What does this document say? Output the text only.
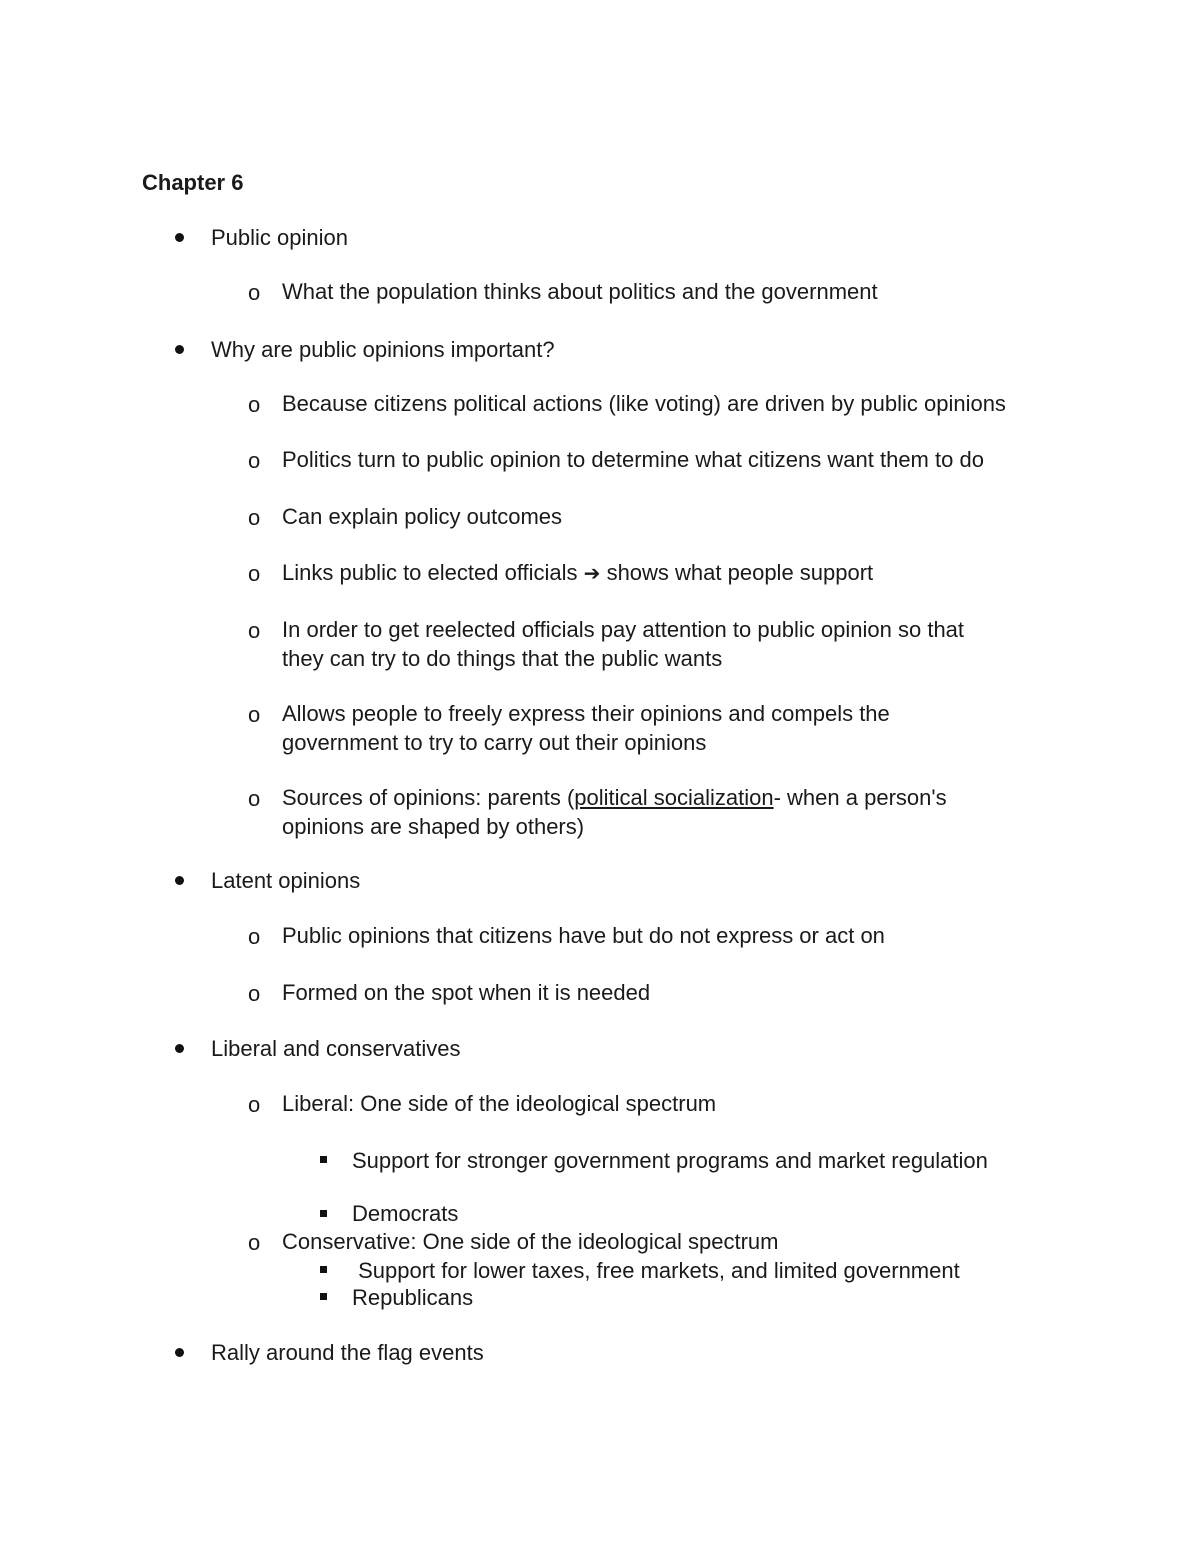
Chapter 6
Public opinion
o What the population thinks about politics and the government
Why are public opinions important?
o Because citizens political actions (like voting) are driven by public opinions
o Politics turn to public opinion to determine what citizens want them to do
o Can explain policy outcomes
o Links public to elected officials ➔ shows what people support
o In order to get reelected officials pay attention to public opinion so that
they can try to do things that the public wants
o Allows people to freely express their opinions and compels the
government to try to carry out their opinions
o Sources of opinions: parents (political socialization- when a person's
opinions are shaped by others)
Latent opinions
o Public opinions that citizens have but do not express or act on
o Formed on the spot when it is needed
Liberal and conservatives
o Liberal: One side of the ideological spectrum
Support for stronger government programs and market regulation
Democrats
o Conservative: One side of the ideological spectrum
Support for lower taxes, free markets, and limited government
Republicans
Rally around the flag events
